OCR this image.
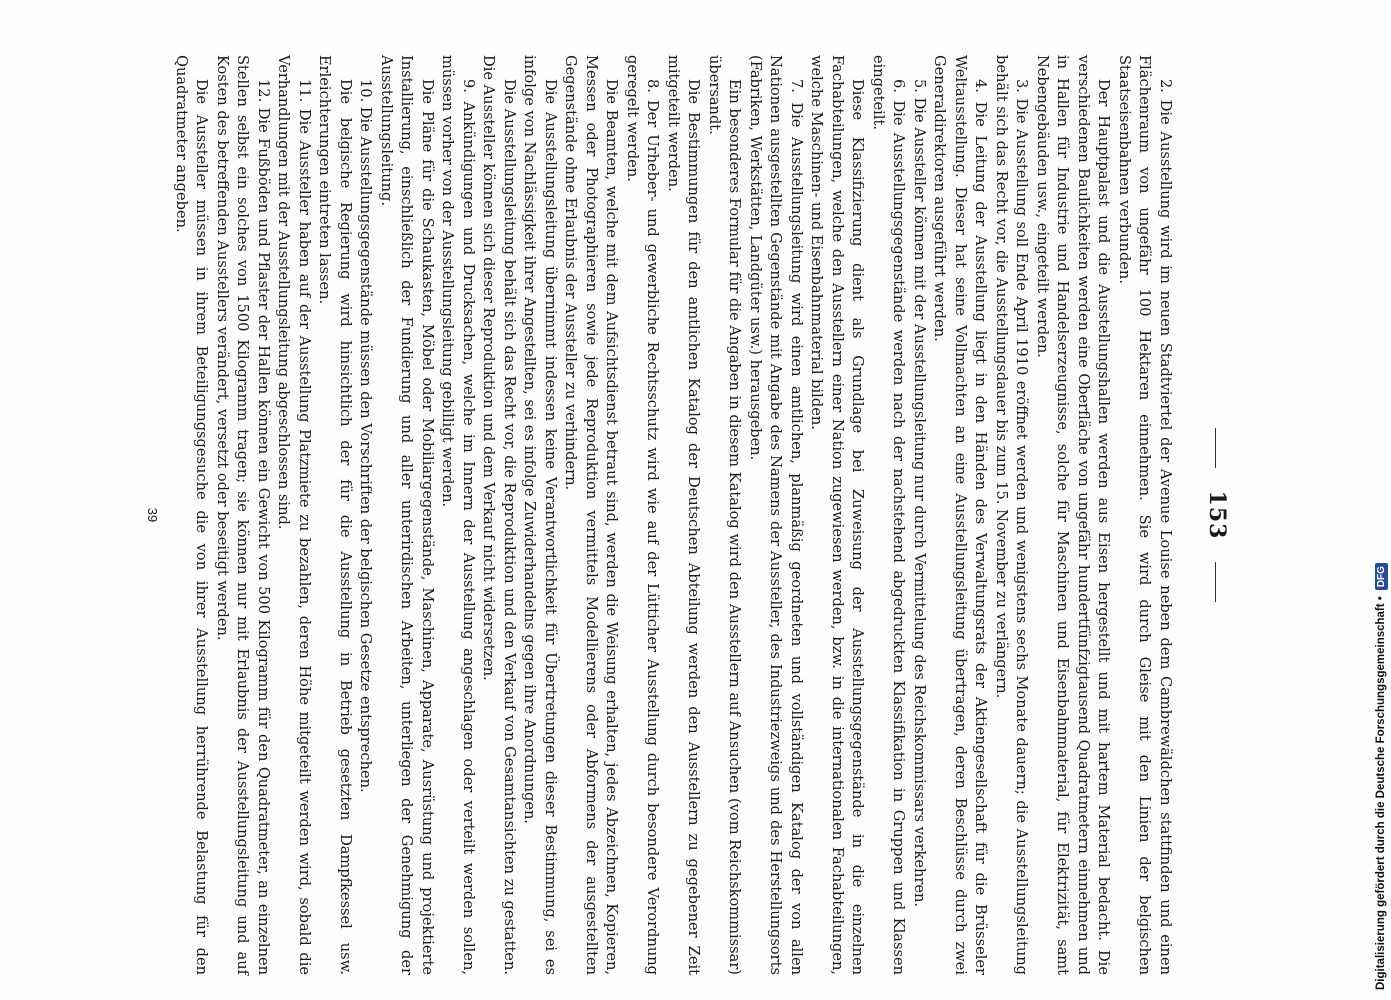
153

2. Die Ausstellung wird im neuen Stadtviertel der Avenue Louise neben dem Cambrewäldchen stattfinden und einen Flächenraum von ungefähr 100 Hektaren einnehmen. Sie wird durch Gleise mit den Linien der belgischen Staatseisenbahnen verbunden.

Der Hauptpalast und die Ausstellungshallen werden aus Eisen hergestellt und mit hartem Material bedacht. Die verschiedenen Baulichkeiten werden eine Oberfläche von ungefähr hundertfünfzigtausend Quadratmetern einnehmen und in Hallen für Industrie und Handelserzeugnisse, solche für Maschinen und Eisenbahnmaterial, für Elektrizität, samt Nebengebäuden usw., eingeteilt werden.

3. Die Ausstellung soll Ende April 1910 eröffnet werden und wenigstens sechs Monate dauern; die Ausstellungsleitung behält sich das Recht vor, die Ausstellungsdauer bis zum 15. November zu verlängern.

4. Die Leitung der Ausstellung liegt in den Händen des Verwaltungsrats der Aktiengesellschaft für die Brüsseler Weltausstellung. Dieser hat seine Vollmachten an eine Ausstellungsleitung übertragen, deren Beschlüsse durch zwei Generaldirektoren ausgeführt werden.

5. Die Aussteller können mit der Ausstellungsleitung nur durch Vermittelung des Reichskommissars verkehren.

6. Die Ausstellungsgegenstände werden nach der nachstehend abgedruckten Klassifikation in Gruppen und Klassen eingeteilt.

Diese Klassifizierung dient als Grundlage bei Zuweisung der Ausstellungsgegenstände in die einzelnen Fachabteilungen, welche den Ausstellern einer Nation zugewiesen werden, bzw. in die internationalen Fachabteilungen, welche Maschinen- und Eisenbahnmaterial bilden.

7. Die Ausstellungsleitung wird einen amtlichen, planmäßig geordneten und vollständigen Katalog der von allen Nationen ausgestellten Gegenstände mit Angabe des Namens der Aussteller, des Industriezweigs und des Herstellungsorts (Fabriken, Werkstätten, Landgüter usw.) herausgeben.

Ein besonderes Formular für die Angaben in diesem Katalog wird den Ausstellern auf Ansuchen (vom Reichskommissar) übersandt.

Die Bestimmungen für den amtlichen Katalog der Deutschen Abteilung werden den Ausstellern zu gegebener Zeit mitgeteilt werden.

8. Der Urheber- und gewerbliche Rechtsschutz wird wie auf der Lütticher Ausstellung durch besondere Verordnung geregelt werden.

Die Beamten, welche mit dem Aufsichtsdienst betraut sind, werden die Weisung erhalten, jedes Abzeichnen, Kopieren, Messen oder Photographieren sowie jede Reproduktion vermittels Modellierens oder Abformens der ausgestellten Gegenstände ohne Erlaubnis der Aussteller zu verhindern.

Die Ausstellungsleitung übernimmt indessen keine Verantwortlichkeit für Übertretungen dieser Bestimmung, sei es infolge von Nachlässigkeit ihrer Angestellten, sei es infolge Zuwiderhandelns gegen ihre Anordnungen.

Die Ausstellungsleitung behält sich das Recht vor, die Reproduktion und den Verkauf von Gesamtansichten zu gestatten. Die Aussteller können sich dieser Reproduktion und dem Verkauf nicht widersetzen.

9. Ankündigungen und Drucksachen, welche im Innern der Ausstellung angeschlagen oder verteilt werden sollen, müssen vorher von der Ausstellungsleitung gebilligt werden.

Die Pläne für die Schaukasten, Möbel oder Mobiliargegenstände, Maschinen, Apparate, Ausrüstung und projektierte Installierung, einschließlich der Fundierung und aller unterirdischen Arbeiten, unterliegen der Genehmigung der Ausstellungsleitung.

10. Die Ausstellungsgegenstände müssen den Vorschriften der belgischen Gesetze entsprechen.

Die belgische Regierung wird hinsichtlich der für die Ausstellung in Betrieb gesetzten Dampfkessel usw. Erleichterungen eintreten lassen.

11. Die Aussteller haben auf der Ausstellung Platzmiete zu bezahlen, deren Höhe mitgeteilt werden wird, sobald die Verhandlungen mit der Ausstellungsleitung abgeschlossen sind.

12. Die Fußböden und Pflaster der Hallen können ein Gewicht von 500 Kilogramm für den Quadratmeter, an einzelnen Stellen selbst ein solches von 1500 Kilogramm tragen; sie können nur mit Erlaubnis der Ausstellungsleitung und auf Kosten des betreffenden Ausstellers verändert, versetzt oder beseitigt werden.

Die Aussteller müssen in ihrem Beteiligungsgesuche die von ihrer Ausstellung herrührende Belastung für den Quadratmeter angeben.

39
Digitalisierung gefördert durch die Deutsche Forschungsgemeinschaft •
DFG
